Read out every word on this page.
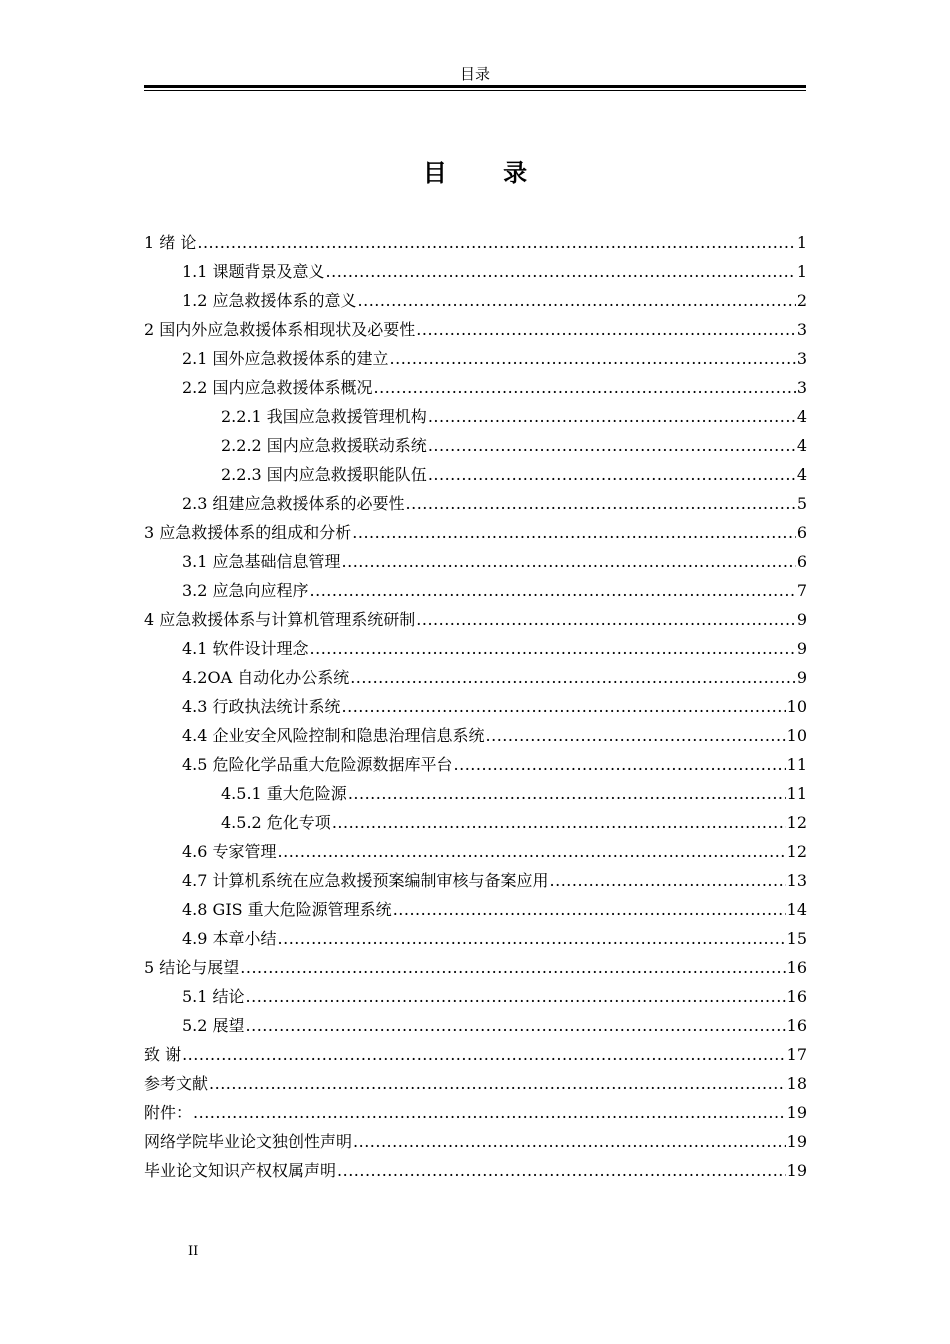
目录
目 录
1 绪 论 .....	1
1.1 课题背景及意义 .....	1
1.2 应急救援体系的意义 .....	2
2 国内外应急救援体系相现状及必要性 .....	3
2.1 国外应急救援体系的建立 .....	3
2.2 国内应急救援体系概况 .....	3
2.2.1 我国应急救援管理机构 .....	4
2.2.2 国内应急救援联动系统 .....	4
2.2.3 国内应急救援职能队伍 .....	4
2.3 组建应急救援体系的必要性 .....	5
3 应急救援体系的组成和分析 .....	6
3.1 应急基础信息管理 .....	6
3.2 应急向应程序 .....	7
4 应急救援体系与计算机管理系统研制 .....	9
4.1 软件设计理念 .....	9
4.2OA 自动化办公系统 .....	9
4.3 行政执法统计系统 .....	10
4.4 企业安全风险控制和隐患治理信息系统 .....	10
4.5 危险化学品重大危险源数据库平台 .....	11
4.5.1 重大危险源 .....	11
4.5.2 危化专项 .....	12
4.6 专家管理 .....	12
4.7 计算机系统在应急救援预案编制审核与备案应用 .....	13
4.8 GIS 重大危险源管理系统 .....	14
4.9 本章小结 .....	15
5 结论与展望 .....	16
5.1 结论 .....	16
5.2 展望 .....	16
致 谢 .....	17
参考文献 .....	18
附件： .....	19
网络学院毕业论文独创性声明 .....	19
毕业论文知识产权权属声明 .....	19
II
